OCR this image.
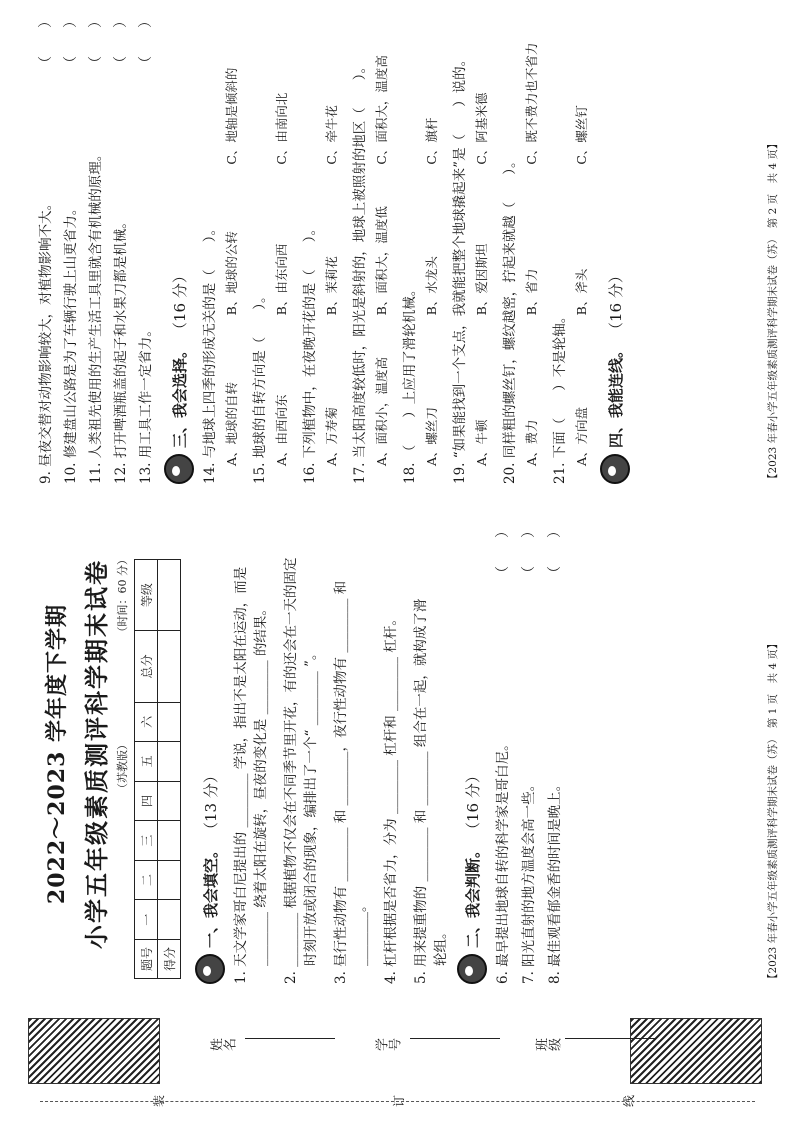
装	订	线
姓名	学号	班级
2022～2023 学年度下学期 小学五年级素质测评科学期末试卷 （苏教版）
（时间：60 分）
题号	一	二	三	四	五	六	总分	等级
得分								
一、我会填空。
（13 分）

1. 天文学家哥白尼提出的 ________ 学说，指出不是太阳在运动，而是 ________ 绕着太阳在旋转，昼夜的变化是 ________ 的结果。

2. ________ 根据植物不仅会在不同季节里开花，有的还会在一天的固定 时刻开放或闭合的现象，编排出了一个“ ________ ”。

3. 昼行性动物有 ________ 和 ________，夜行性动物有 ________ 和 ________。

4. 杠杆根据是否省力，分为 ________ 杠杆和 ________ 杠杆。

5. 用来提重物的 ________ 和 ________ 组合在一起，就构成了滑 轮组。 二、我会判断。
（16 分）

6. 最早提出地球自转的科学家是哥白尼。
（　　）

7. 阳光直射的地方温度会高一些。
（　　）

8. 最佳观看郁金香的时间是晚上。
（　　）

【2023 年春小学五年级素质测评科学期末试卷（苏）　第 1 页　共 4 页】

9. 昼夜交替对动物影响较大，对植物影响不大。
（　　）

10. 修建盘山公路是为了车辆行驶上山更省力。
（　　）

11. 人类祖先使用的生产生活工具里就含有机械的原理。
（　　）

12. 打开啤酒瓶盖的起子和水果刀都是机械。
（　　）

13. 用工具工作一定省力。
（　　）

三、我会选择。
（16 分）

14. 与地球上四季的形成无关的是（　　）。 A、地球的自转
B、地球的公转
C、地轴是倾斜的

15. 地球的自转方向是（　　）。 A、由西向东
B、由东向西
C、由南向北

16. 下列植物中，在夜晚开花的是（　　）。 A、万寿菊
B、茉莉花
C、牵牛花

17. 当太阳高度较低时，阳光是斜射的，地球上被照射的地区（　　）。 A、面积小，温度高
B、面积大，温度低
C、面积大，温度高

18. （　　）上应用了滑轮机械。 A、螺丝刀
B、水龙头
C、旗杆

19. “如果能找到一个支点，我就能把整个地球撬起来”是（　　）说的。 A、牛顿
B、爱因斯坦
C、阿基米德

20. 同样粗的螺丝钉，螺纹越密，拧起来就越（　　）。 A、费力
B、省力
C、既不费力也不省力

21. 下面（　　）不是轮轴。 A、方向盘
B、斧头
C、螺丝钉
四、我能连线。
（16 分）	【2023 年春小学五年级素质测评科学期末试卷（苏）　第 2 页　共 4 页】
